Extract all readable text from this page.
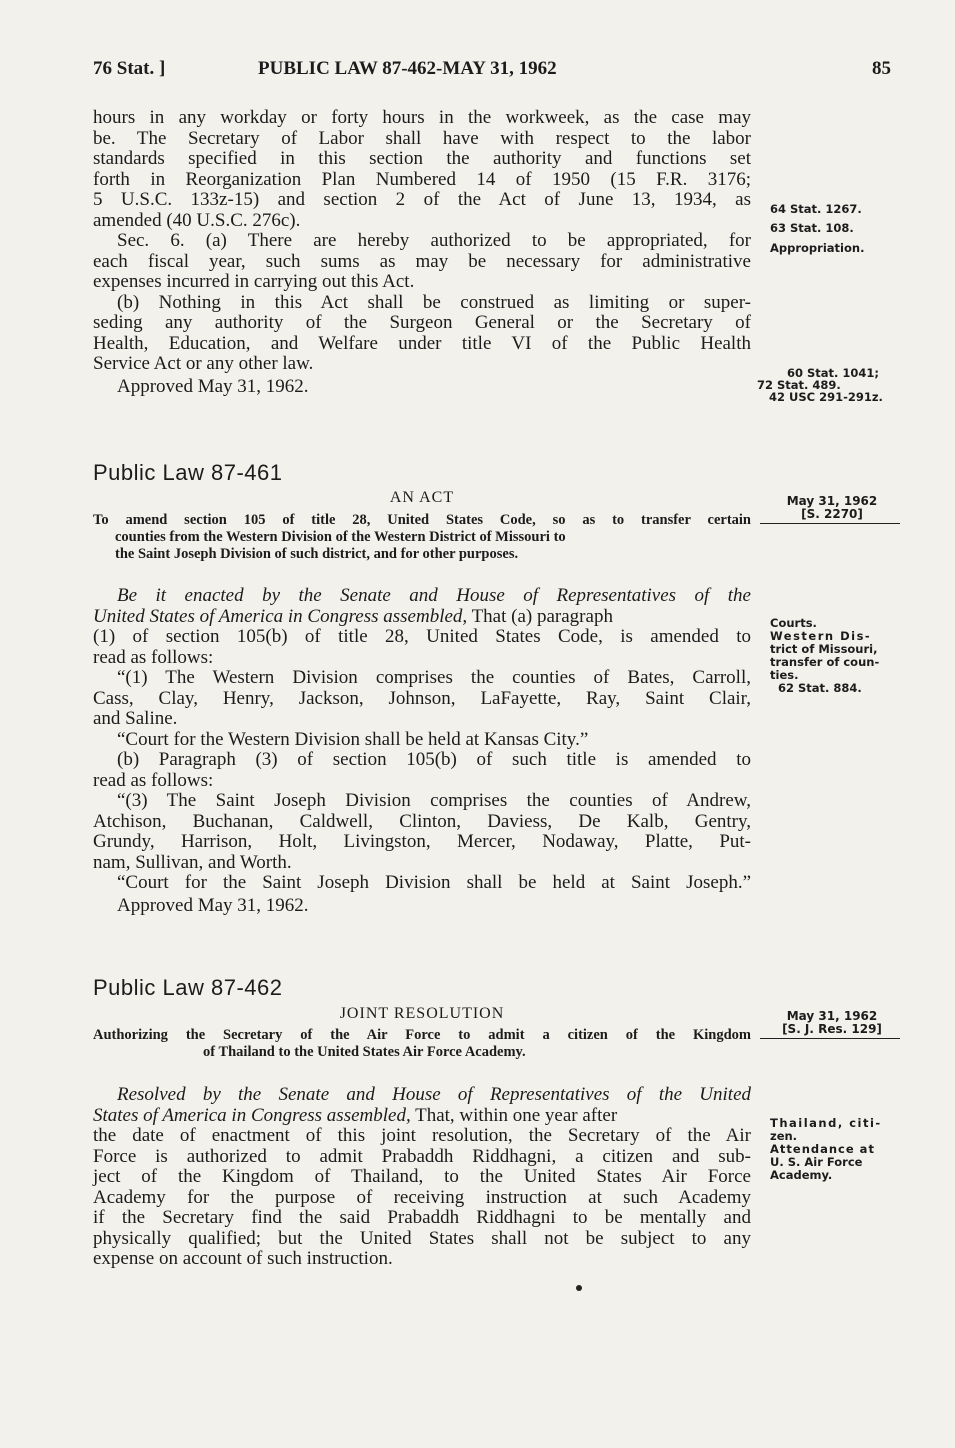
76 Stat. ]	PUBLIC LAW 87-462-MAY 31, 1962	85
hours in any workday or forty hours in the workweek, as the case may
be. The Secretary of Labor shall have with respect to the labor
standards specified in this section the authority and functions set
forth in Reorganization Plan Numbered 14 of 1950 (15 F.R. 3176;
5 U.S.C. 133z-15) and section 2 of the Act of June 13, 1934, as
amended (40 U.S.C. 276c).
Sec. 6. (a) There are hereby authorized to be appropriated, for
each fiscal year, such sums as may be necessary for administrative
expenses incurred in carrying out this Act.
(b) Nothing in this Act shall be construed as limiting or super-
seding any authority of the Surgeon General or the Secretary of
Health, Education, and Welfare under title VI of the Public Health
Service Act or any other law.
Approved May 31, 1962.
64 Stat. 1267.
63 Stat. 108.
Appropriation.
60 Stat. 1041;
72 Stat. 489.
42 USC 291-291z.
Public Law 87-461
AN ACT
To amend section 105 of title 28, United States Code, so as to transfer certain
counties from the Western Division of the Western District of Missouri to
the Saint Joseph Division of such district, and for other purposes.
May 31, 1962
[S. 2270]
Be it enacted by the Senate and House of Representatives of the
United States of America in Congress assembled, That (a) paragraph
(1) of section 105(b) of title 28, United States Code, is amended to
read as follows:
“(1) The Western Division comprises the counties of Bates, Carroll,
Cass, Clay, Henry, Jackson, Johnson, LaFayette, Ray, Saint Clair,
and Saline.
“Court for the Western Division shall be held at Kansas City.”
(b) Paragraph (3) of section 105(b) of such title is amended to
read as follows:
“(3) The Saint Joseph Division comprises the counties of Andrew,
Atchison, Buchanan, Caldwell, Clinton, Daviess, De Kalb, Gentry,
Grundy, Harrison, Holt, Livingston, Mercer, Nodaway, Platte, Put-
nam, Sullivan, and Worth.
“Court for the Saint Joseph Division shall be held at Saint Joseph.”
Approved May 31, 1962.
Courts.
Western Dis-
trict of Missouri,
transfer of coun-
ties.
62 Stat. 884.
Public Law 87-462
JOINT RESOLUTION
Authorizing the Secretary of the Air Force to admit a citizen of the Kingdom
of Thailand to the United States Air Force Academy.
May 31, 1962
[S. J. Res. 129]
Resolved by the Senate and House of Representatives of the United
States of America in Congress assembled, That, within one year after
the date of enactment of this joint resolution, the Secretary of the Air
Force is authorized to admit Prabaddh Riddhagni, a citizen and sub-
ject of the Kingdom of Thailand, to the United States Air Force
Academy for the purpose of receiving instruction at such Academy
if the Secretary find the said Prabaddh Riddhagni to be mentally and
physically qualified; but the United States shall not be subject to any
expense on account of such instruction.
Thailand, citi-
zen.
Attendance at
U. S. Air Force
Academy.
